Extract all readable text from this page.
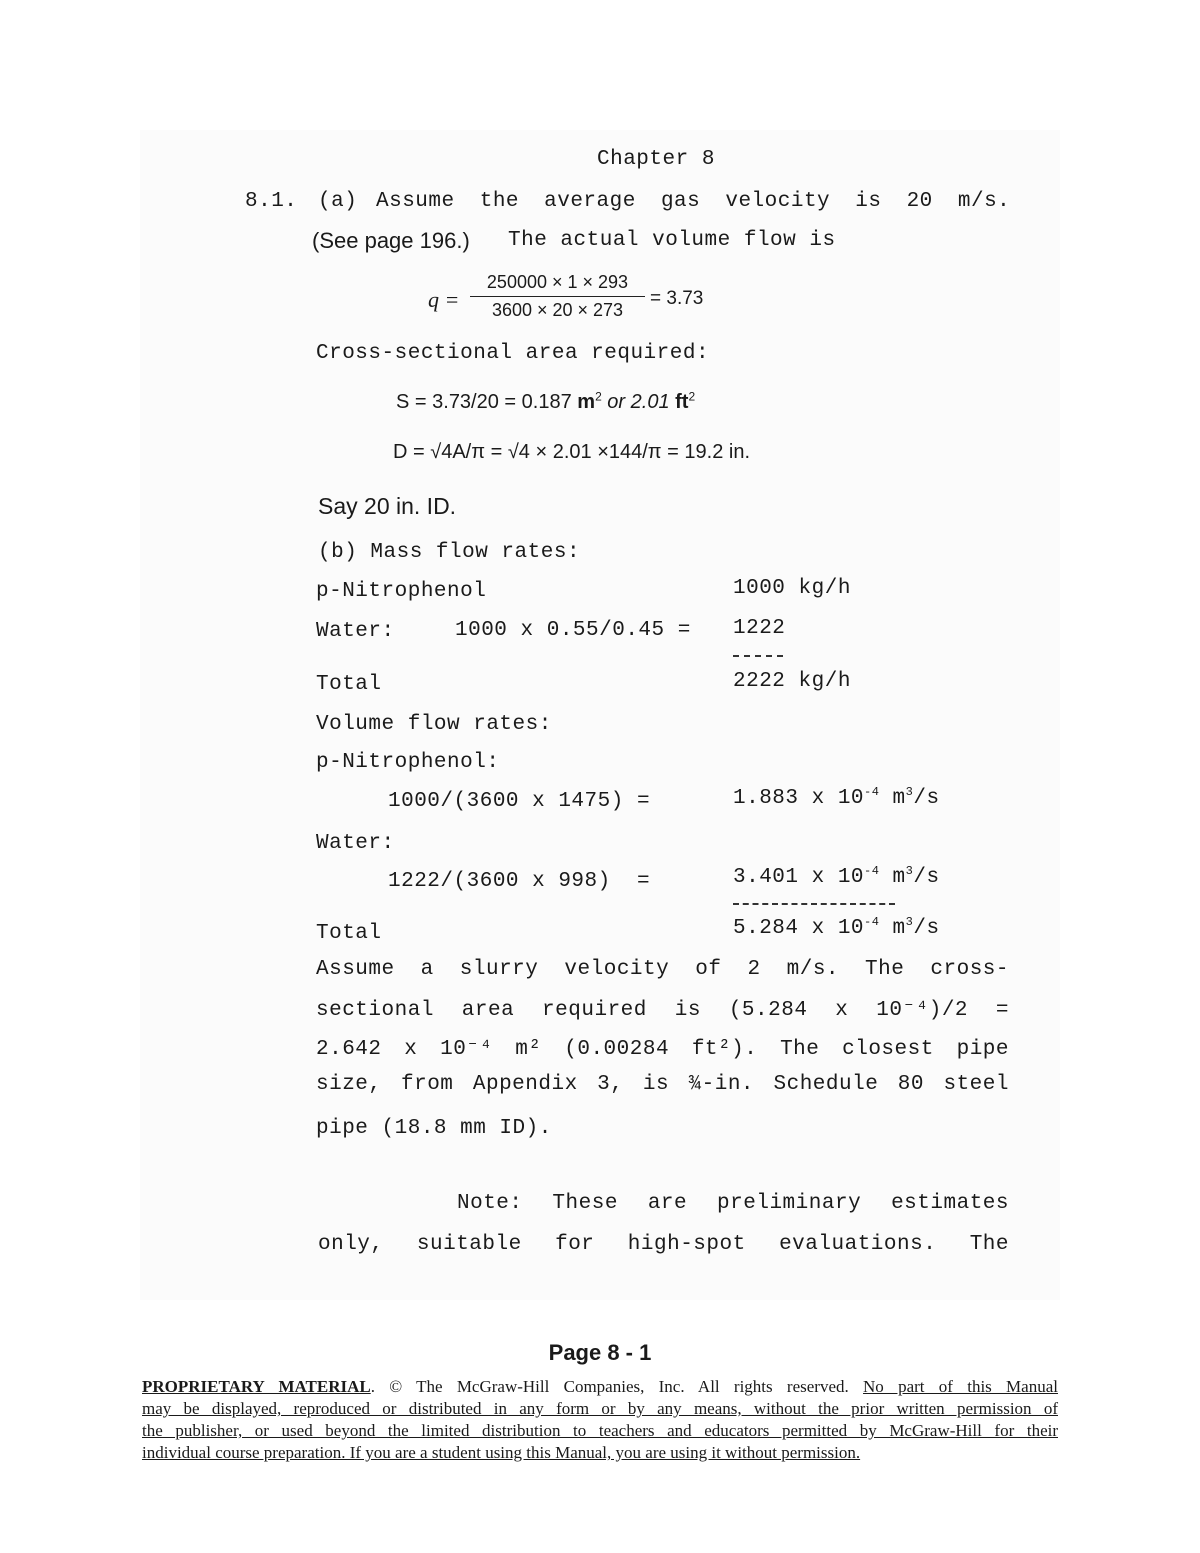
Chapter 8
8.1. (a) Assume the average gas velocity is 20 m/s.
(See page 196.) The actual volume flow is
$q = \frac{250000 \times 1 \times 293}{3600 \times 20 \times 273} = 3.73$
Cross-sectional area required:
S = 3.73/20 = 0.187 $m^2$ or 2.01 $ft^2$
D = √4A/π = √4 × 2.01 ×144/π = 19.2 in.
Say 20 in. ID.
(b) Mass flow rates:
p-Nitrophenol	1000 kg/h
Water:	1000 x 0.55/0.45 = 1222
Total	2222 kg/h
Volume flow rates:
p-Nitrophenol:
1000/(3600 x 1475) =	1.883 x $10^{-4}$ $m^3/s$
Water:
1222/(3600 x 998)  =	3.401 x $10^{-4}$ $m^3/s$
Total	5.284 x $10^{-4}$ $m^3/s$
Assume a slurry velocity of 2 m/s. The cross-
sectional area required is (5.284 x 10⁻⁴)/2 =
2.642 x 10⁻⁴ m² (0.00284 ft²). The closest pipe
size, from Appendix 3, is ¾-in. Schedule 80 steel
pipe (18.8 mm ID).
Note: These are preliminary estimates
only, suitable for high-spot evaluations. The
Page 8 - 1
PROPRIETARY MATERIAL. © The McGraw-Hill Companies, Inc. All rights reserved. No part of this Manual
may be displayed, reproduced or distributed in any form or by any means, without the prior written permission of
the publisher, or used beyond the limited distribution to teachers and educators permitted by McGraw-Hill for their
individual course preparation. If you are a student using this Manual, you are using it without permission.
